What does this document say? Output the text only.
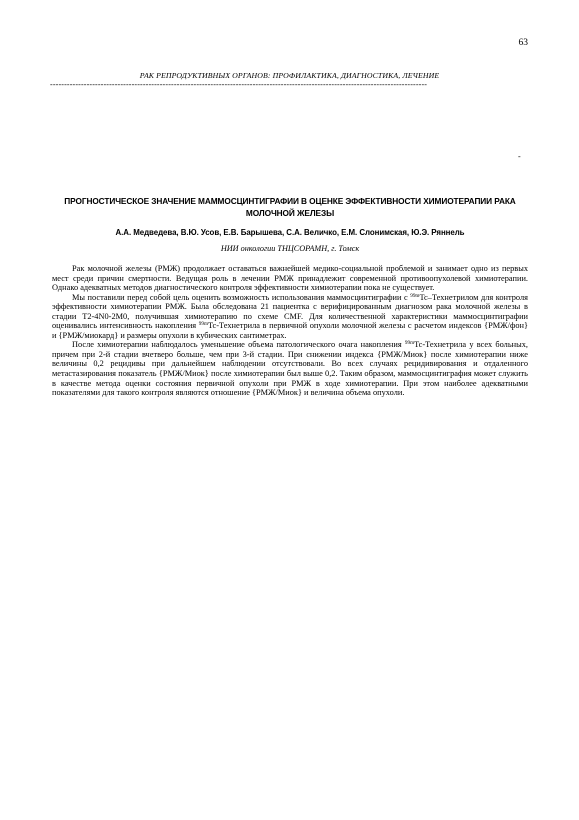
63
РАК РЕПРОДУКТИВНЫХ ОРГАНОВ: ПРОФИЛАКТИКА, ДИАГНОСТИКА, ЛЕЧЕНИЕ
--------------------------------------------------------------------------------------------------------------------------------------
-
ПРОГНОСТИЧЕСКОЕ ЗНАЧЕНИЕ МАММОСЦИНТИГРАФИИ В ОЦЕНКЕ ЭФФЕКТИВНОСТИ ХИМИОТЕРАПИИ РАКА МОЛОЧНОЙ ЖЕЛЕЗЫ
А.А. Медведева, В.Ю. Усов, Е.В. Барышева, С.А. Величко, Е.М. Слонимская, Ю.Э. Ряннель
НИИ онкологии ТНЦСОРАМН, г. Томск

Рак молочной железы (РМЖ) продолжает оставаться важнейшей медико-социальной проблемой и занимает одно из первых мест среди причин смертности. Ведущая роль в лечении РМЖ принадлежит современной противоопухолевой химиотерапии. Однако адекватных методов диагностического контроля эффективности химиотерапии пока не существует.

Мы поставили перед собой цель оценить возможность использования маммосцинтиграфии с $^{99m}$Tc–Технетрилом для контроля эффективности химиотерапии РМЖ. Была обследована 21 пациентка с верифицированным диагнозом рака молочной железы в стадии T2-4N0-2M0, получившая химиотерапию по схеме CMF. Для количественной характеристики маммосцинтиграфии оценивались интенсивность накопления $^{99m}$Tc-Технетрила в первичной опухоли молочной железы с расчетом индексов {РМЖ/фон} и {РМЖ/миокард} и размеры опухоли в кубических сантиметрах.

После химиотерапии наблюдалось уменьшение объема патологического очага накопления $^{99m}$Tc-Технетрила у всех больных, причем при 2-й стадии вчетверо больше, чем при 3-й стадии. При снижении индекса {РМЖ/Миок} после химиотерапии ниже величины 0,2 рецидивы при дальнейшем наблюдении отсутствовали. Во всех случаях рецидивирования и отдаленного метастазирования показатель {РМЖ/Миок} после химиотерапии был выше 0,2. Таким образом, маммосцинтиграфия может служить в качестве метода оценки состояния первичной опухоли при РМЖ в ходе химиотерапии. При этом наиболее адекватными показателями для такого контроля являются отношение {РМЖ/Миок} и величина объема опухоли.
